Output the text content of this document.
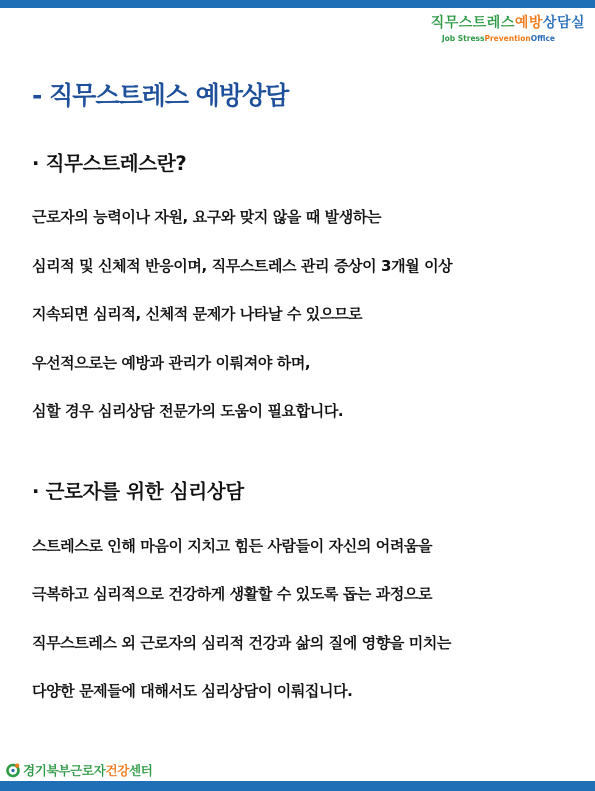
직무스트레스예방상담실
Job StressPreventionOffice
- 직무스트레스 예방상담
· 직무스트레스란?
근로자의 능력이나 자원, 요구와 맞지 않을 때 발생하는
심리적 및 신체적 반응이며, 직무스트레스 관리 증상이 3개월 이상
지속되면 심리적, 신체적 문제가 나타날 수 있으므로
우선적으로는 예방과 관리가 이뤄져야 하며,
심할 경우 심리상담 전문가의 도움이 필요합니다.
· 근로자를 위한 심리상담
스트레스로 인해 마음이 지치고 힘든 사람들이 자신의 어려움을
극복하고 심리적으로 건강하게 생활할 수 있도록 돕는 과정으로
직무스트레스 외 근로자의 심리적 건강과 삶의 질에 영향을 미치는
다양한 문제들에 대해서도 심리상담이 이뤄집니다.
경기북부근로자건강센터
